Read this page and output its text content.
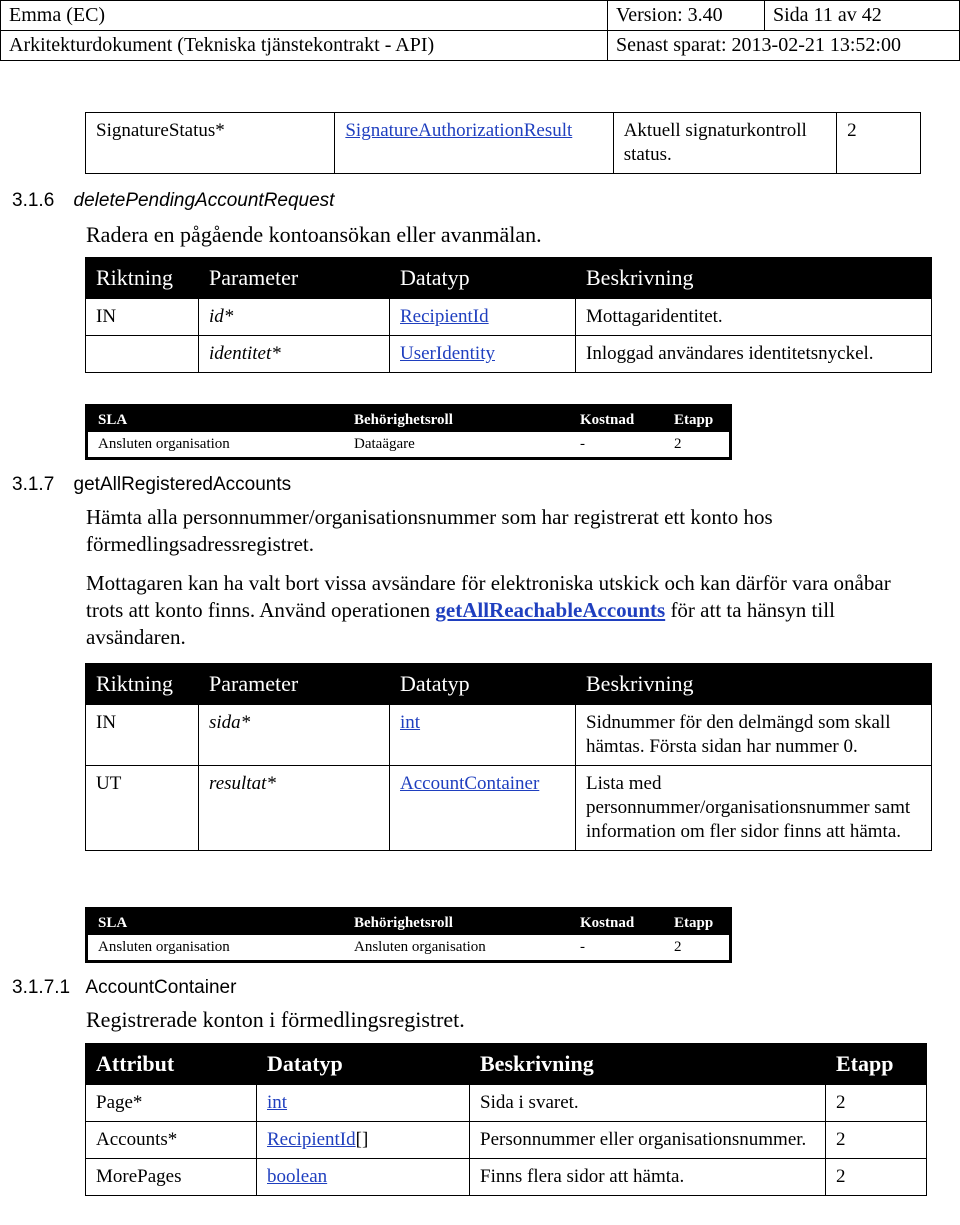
Emma (EC)	Version: 3.40	Sida 11 av 42
Arkitekturdokument (Tekniska tjänstekontrakt - API)	Senast sparat: 2013-02-21 13:52:00	
SignatureStatus*	SignatureAuthorizationResult	Aktuell signaturkontroll status.	2
3.1.6 deletePendingAccountRequest
Radera en pågående kontoansökan eller avanmälan.
Riktning	Parameter	Datatyp	Beskrivning
IN	id*	RecipientId	Mottagaridentitet.
	identitet*	UserIdentity	Inloggad användares identitetsnyckel.
SLA	Behörighetsroll	Kostnad	Etapp
Ansluten organisation	Dataägare	-	2
3.1.7 getAllRegisteredAccounts
Hämta alla personnummer/organisationsnummer som har registrerat ett konto hos förmedlingsadressregistret.
Mottagaren kan ha valt bort vissa avsändare för elektroniska utskick och kan därför vara onåbar trots att konto finns. Använd operationen getAllReachableAccounts för att ta hänsyn till avsändaren.
Riktning	Parameter	Datatyp	Beskrivning
IN	sida*	int	Sidnummer för den delmängd som skall hämtas. Första sidan har nummer 0.
UT	resultat*	AccountContainer	Lista med personnummer/organisationsnummer samt information om fler sidor finns att hämta.
SLA	Behörighetsroll	Kostnad	Etapp
Ansluten organisation	Ansluten organisation	-	2
3.1.7.1 AccountContainer
Registrerade konton i förmedlingsregistret.
Attribut	Datatyp	Beskrivning	Etapp
Page*	int	Sida i svaret.	2
Accounts*	RecipientId[]	Personnummer eller organisationsnummer.	2
MorePages	boolean	Finns flera sidor att hämta.	2
